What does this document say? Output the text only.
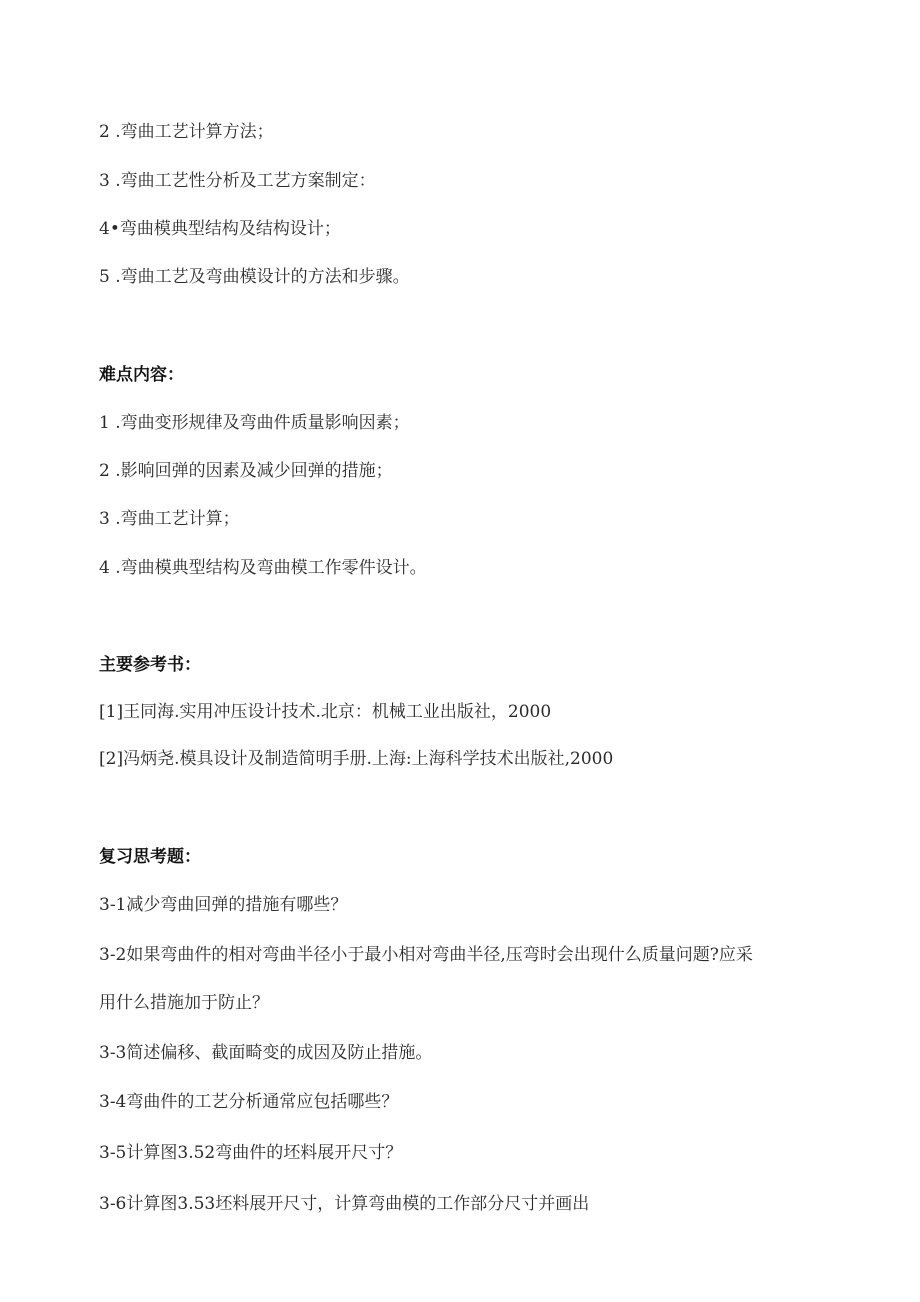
2 .弯曲工艺计算方法；
3 .弯曲工艺性分析及工艺方案制定：
4•弯曲模典型结构及结构设计；
5 .弯曲工艺及弯曲模设计的方法和步骤。
难点内容：
1 .弯曲变形规律及弯曲件质量影响因素；
2 .影响回弹的因素及减少回弹的措施；
3 .弯曲工艺计算；
4 .弯曲模典型结构及弯曲模工作零件设计。
主要参考书：
[1]王同海.实用冲压设计技术.北京：机械工业出版社，2000
[2]冯炳尧.模具设计及制造简明手册.上海:上海科学技术出版社,2000
复习思考题：
3-1减少弯曲回弹的措施有哪些？
3-2如果弯曲件的相对弯曲半径小于最小相对弯曲半径,压弯时会出现什么质量问题?应采
用什么措施加于防止？
3-3简述偏移、截面畸变的成因及防止措施。
3-4弯曲件的工艺分析通常应包括哪些？
3-5计算图3.52弯曲件的坯料展开尺寸？
3-6计算图3.53坯料展开尺寸，计算弯曲模的工作部分尺寸并画出
